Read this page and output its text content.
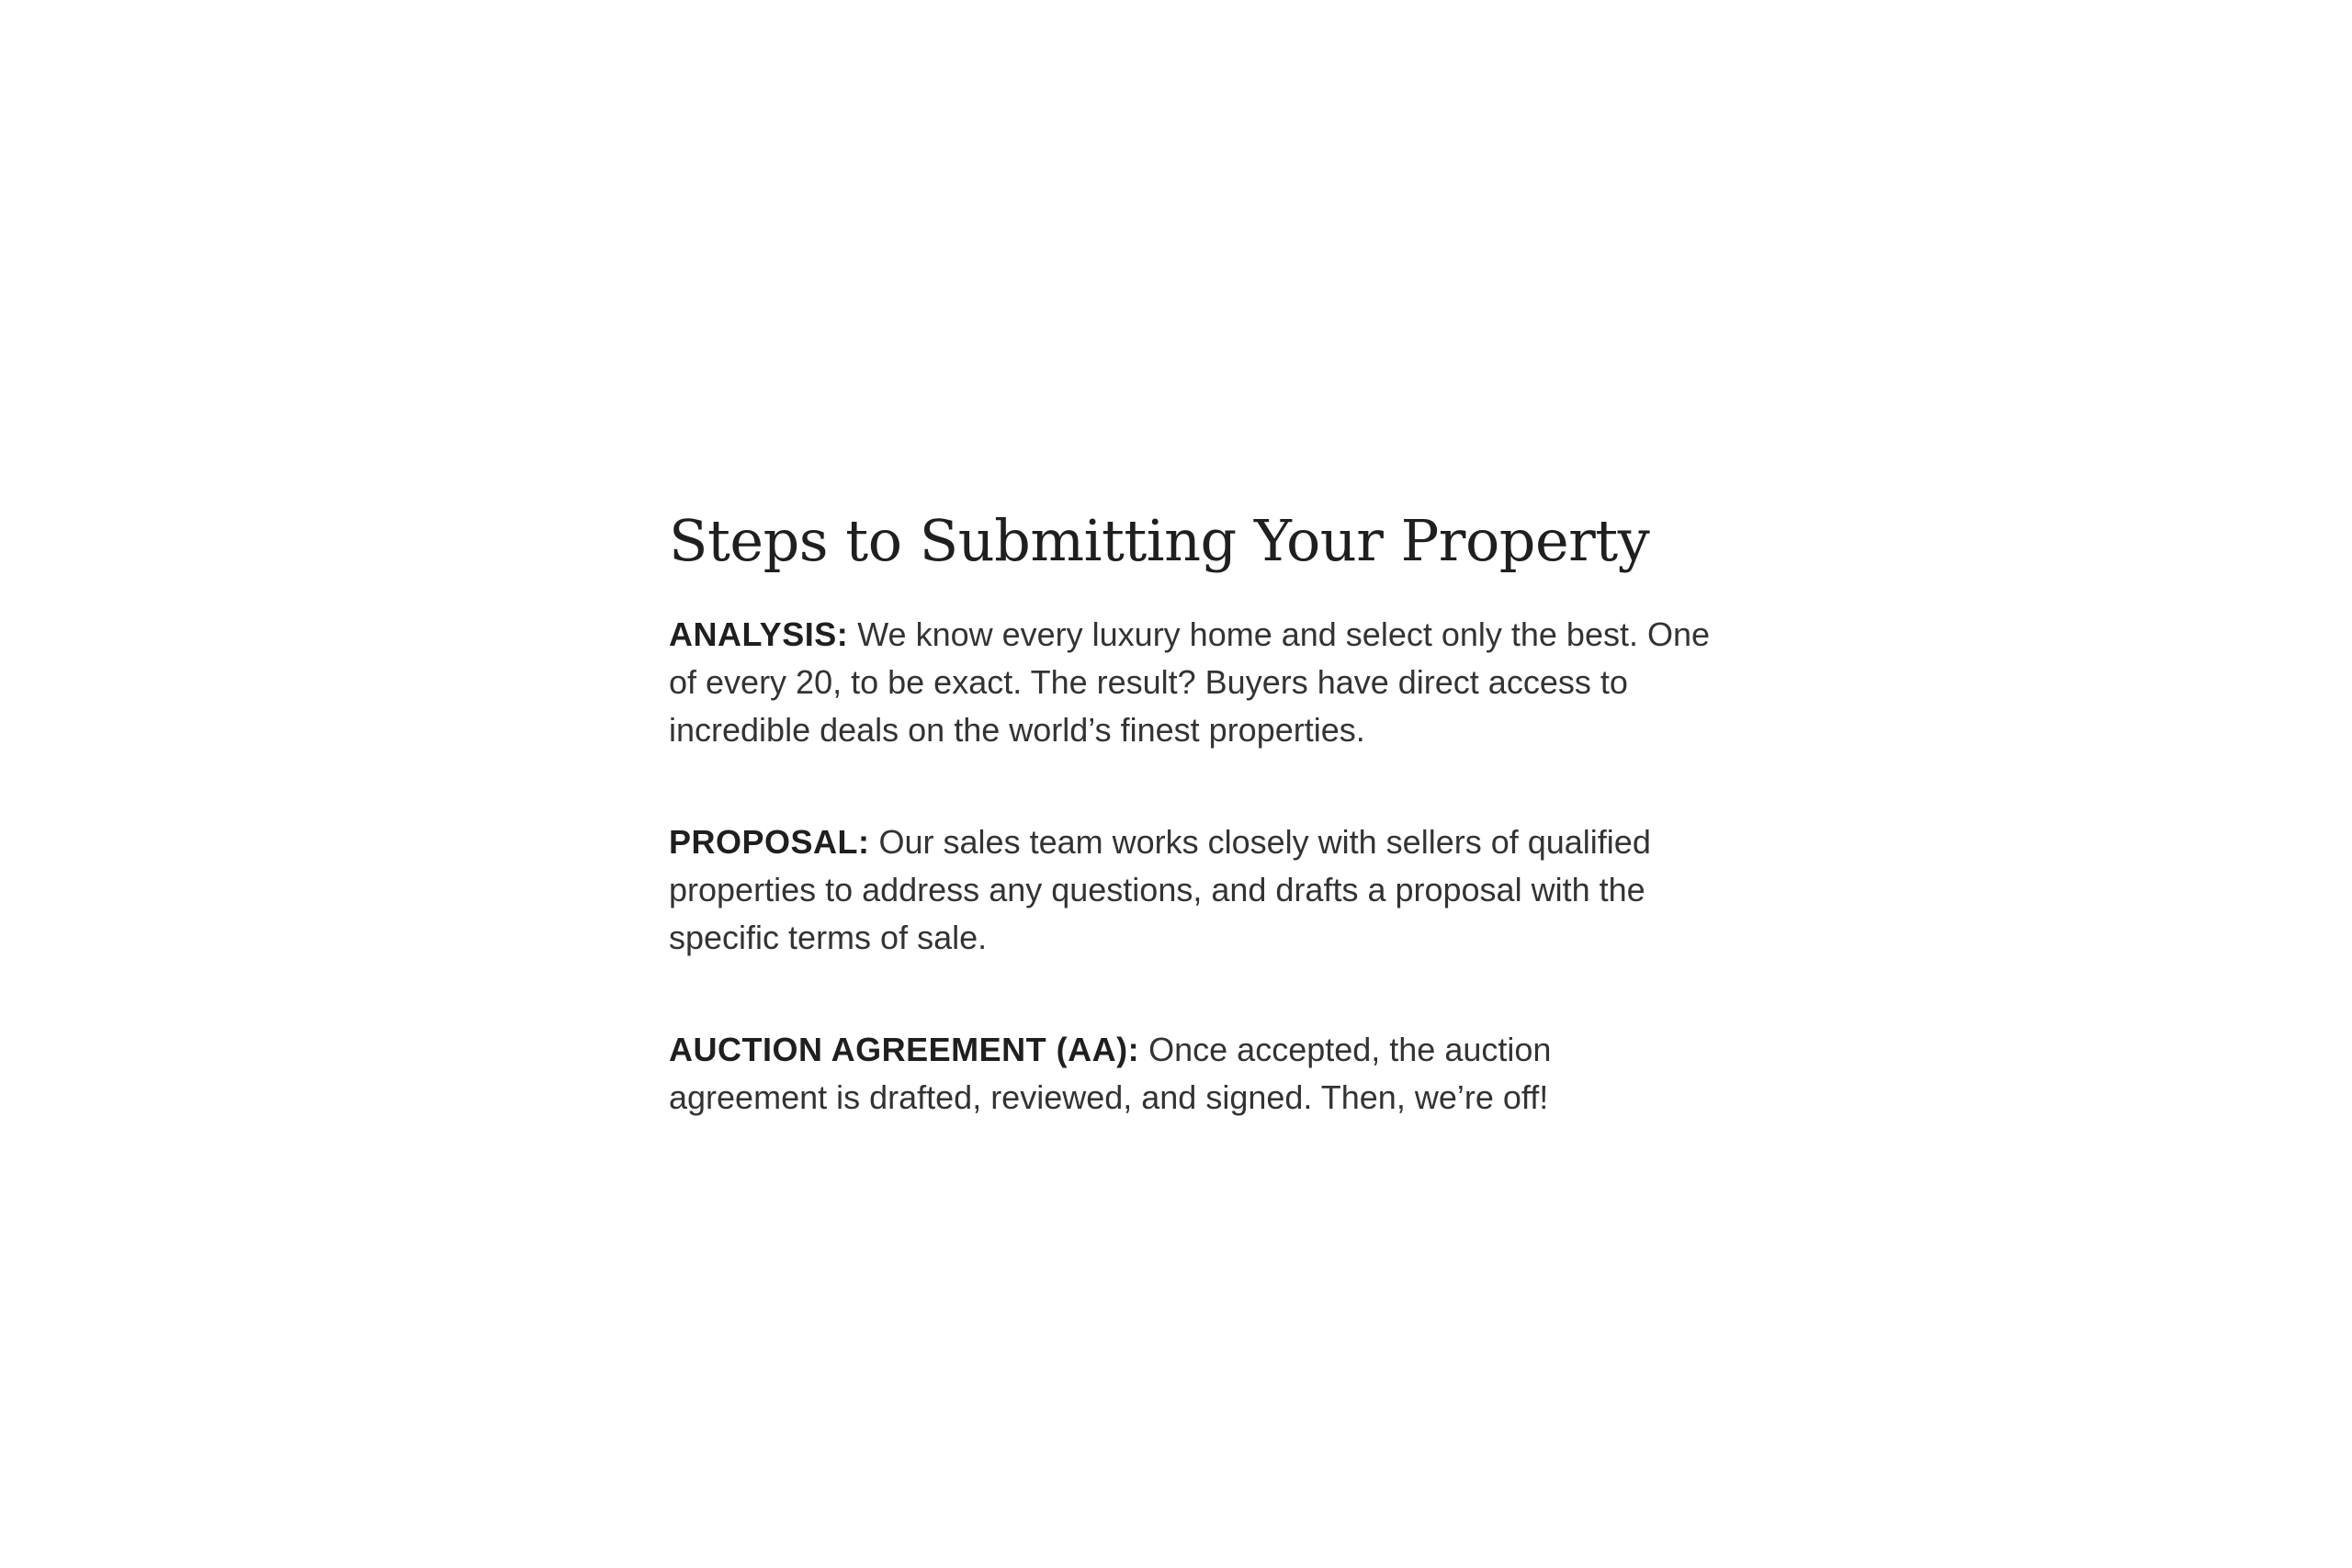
Steps to Submitting Your Property

ANALYSIS: We know every luxury home and select only the best. One of every 20, to be exact. The result? Buyers have direct access to incredible deals on the world’s finest properties.

PROPOSAL: Our sales team works closely with sellers of qualified properties to address any questions, and drafts a proposal with the specific terms of sale.

AUCTION AGREEMENT (AA): Once accepted, the auction agreement is drafted, reviewed, and signed. Then, we’re off!
